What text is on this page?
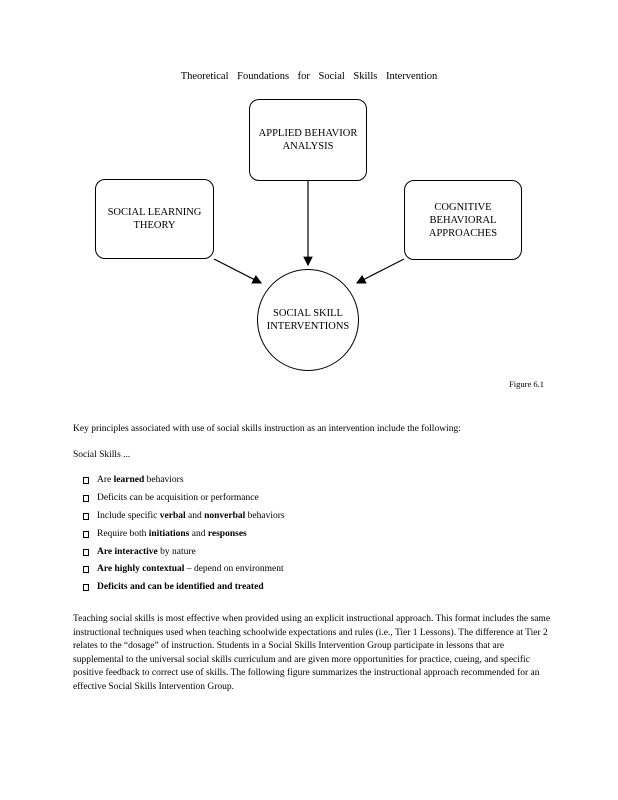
Theoretical Foundations for Social Skills Intervention
APPLIED BEHAVIOR ANALYSIS
SOCIAL LEARNING THEORY
COGNITIVE BEHAVIORAL APPROACHES
SOCIAL SKILL INTERVENTIONS
Figure 6.1
Key principles associated with use of social skills instruction as an intervention include the following:
Social Skills ...
Are learned behaviors
Deficits can be acquisition or performance
Include specific verbal and nonverbal behaviors
Require both initiations and responses
Are interactive by nature
Are highly contextual – depend on environment
Deficits and can be identified and treated
Teaching social skills is most effective when provided using an explicit instructional approach. This format includes the same instructional techniques used when teaching schoolwide expectations and rules (i.e., Tier 1 Lessons). The difference at Tier 2 relates to the “dosage” of instruction. Students in a Social Skills Intervention Group participate in lessons that are supplemental to the universal social skills curriculum and are given more opportunities for practice, cueing, and specific positive feedback to correct use of skills. The following figure summarizes the instructional approach recommended for an effective Social Skills Intervention Group.
